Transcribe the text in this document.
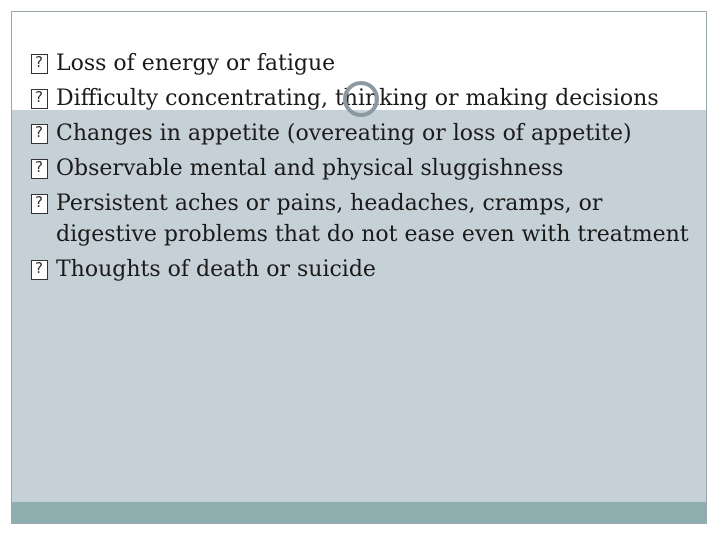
?
Loss of energy or fatigue
?
Difficulty concentrating, thinking or making decisions
?
Changes in appetite (overeating or loss of appetite)
?
Observable mental and physical sluggishness
?
Persistent aches or pains, headaches, cramps, or digestive problems that do not ease even with treatment
?
Thoughts of death or suicide
